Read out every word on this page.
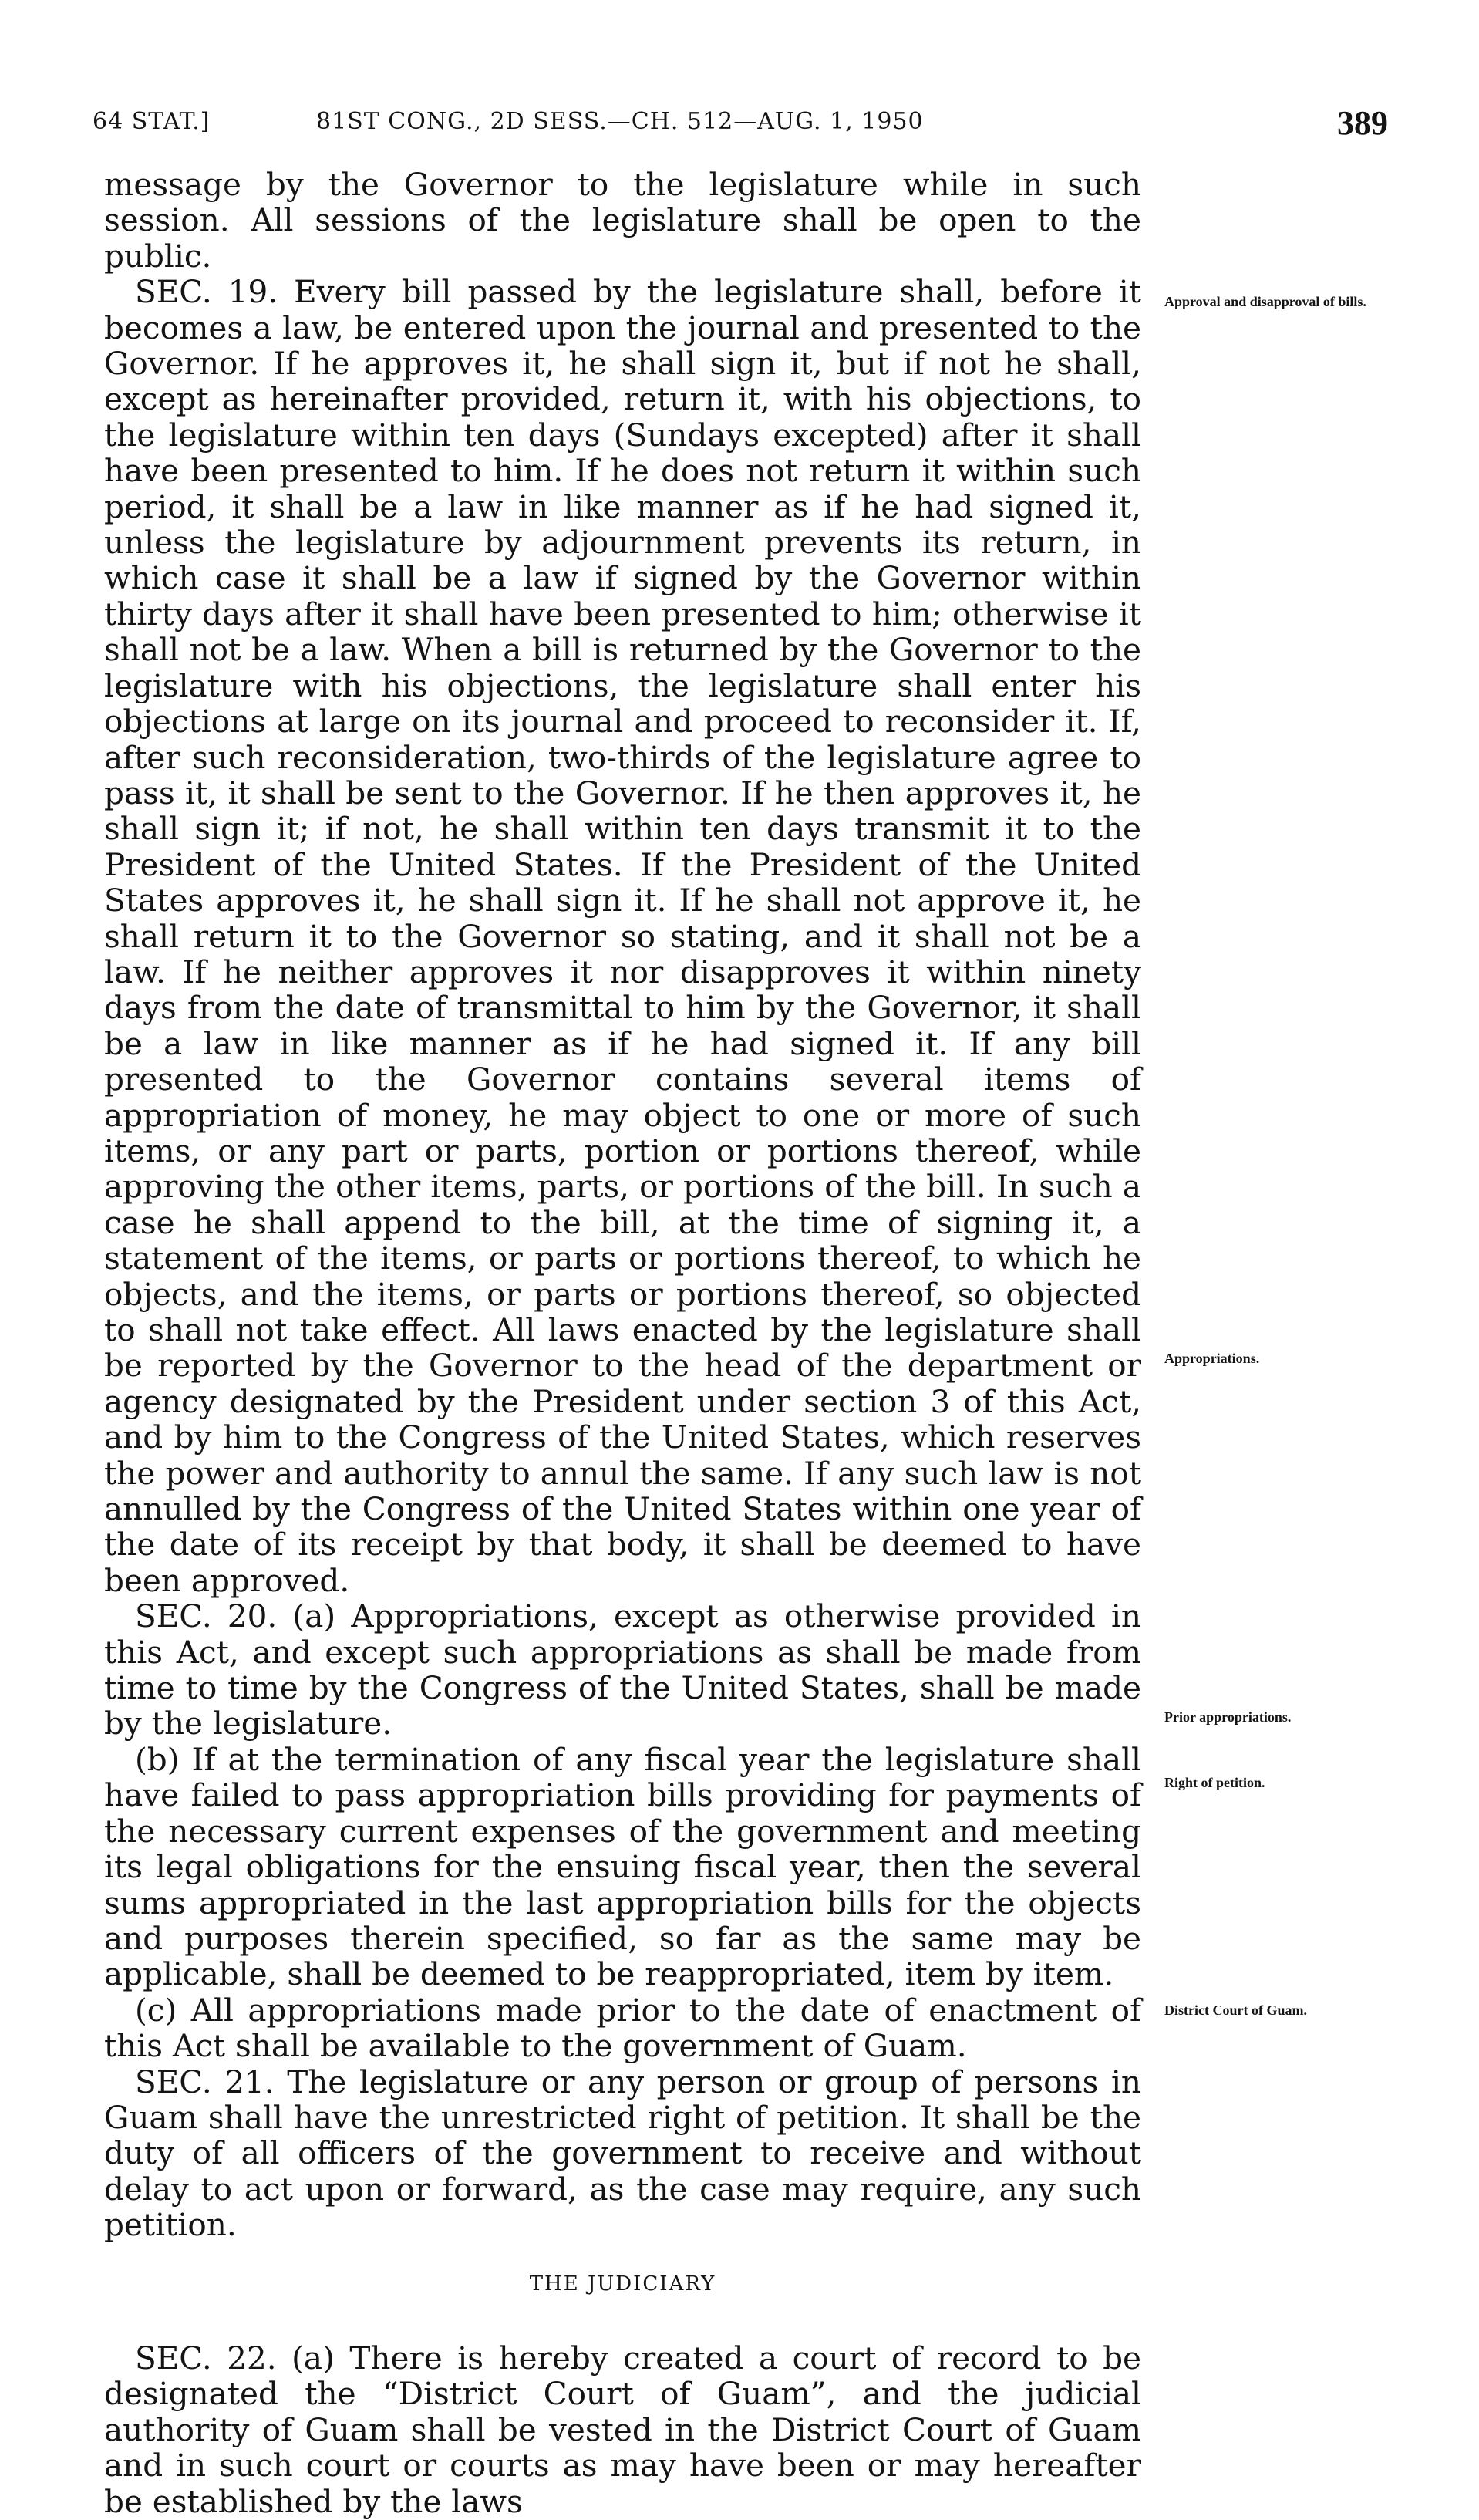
64 STAT.]	81ST CONG., 2D SESS.—CH. 512—AUG. 1, 1950	389

message by the Governor to the legislature while in such session. All sessions of the legislature shall be open to the public.

SEC. 19. Every bill passed by the legislature shall, before it becomes a law, be entered upon the journal and presented to the Governor. If he approves it, he shall sign it, but if not he shall, except as hereinafter provided, return it, with his objections, to the legislature within ten days (Sundays excepted) after it shall have been presented to him. If he does not return it within such period, it shall be a law in like manner as if he had signed it, unless the legislature by adjournment prevents its return, in which case it shall be a law if signed by the Governor within thirty days after it shall have been presented to him; otherwise it shall not be a law. When a bill is returned by the Governor to the legislature with his objections, the legislature shall enter his objections at large on its journal and proceed to reconsider it. If, after such reconsideration, two-thirds of the legislature agree to pass it, it shall be sent to the Governor. If he then approves it, he shall sign it; if not, he shall within ten days transmit it to the President of the United States. If the President of the United States approves it, he shall sign it. If he shall not approve it, he shall return it to the Governor so stating, and it shall not be a law. If he neither approves it nor disapproves it within ninety days from the date of transmittal to him by the Governor, it shall be a law in like manner as if he had signed it. If any bill presented to the Governor contains several items of appropriation of money, he may object to one or more of such items, or any part or parts, portion or portions thereof, while approving the other items, parts, or portions of the bill. In such a case he shall append to the bill, at the time of signing it, a statement of the items, or parts or portions thereof, to which he objects, and the items, or parts or portions thereof, so objected to shall not take effect. All laws enacted by the legislature shall be reported by the Governor to the head of the department or agency designated by the President under section 3 of this Act, and by him to the Congress of the United States, which reserves the power and authority to annul the same. If any such law is not annulled by the Congress of the United States within one year of the date of its receipt by that body, it shall be deemed to have been approved.

SEC. 20. (a) Appropriations, except as otherwise provided in this Act, and except such appropriations as shall be made from time to time by the Congress of the United States, shall be made by the legislature.

(b) If at the termination of any fiscal year the legislature shall have failed to pass appropriation bills providing for payments of the necessary current expenses of the government and meeting its legal obligations for the ensuing fiscal year, then the several sums appropriated in the last appropriation bills for the objects and purposes therein specified, so far as the same may be applicable, shall be deemed to be reappropriated, item by item.

(c) All appropriations made prior to the date of enactment of this Act shall be available to the government of Guam.

SEC. 21. The legislature or any person or group of persons in Guam shall have the unrestricted right of petition. It shall be the duty of all officers of the government to receive and without delay to act upon or forward, as the case may require, any such petition.

THE JUDICIARY

SEC. 22. (a) There is hereby created a court of record to be designated the “District Court of Guam”, and the judicial authority of Guam shall be vested in the District Court of Guam and in such court or courts as may have been or may hereafter be established by the laws

Approval and disapproval of bills.
Appropriations.
Prior appropriations.
Right of petition.
District Court of Guam.
